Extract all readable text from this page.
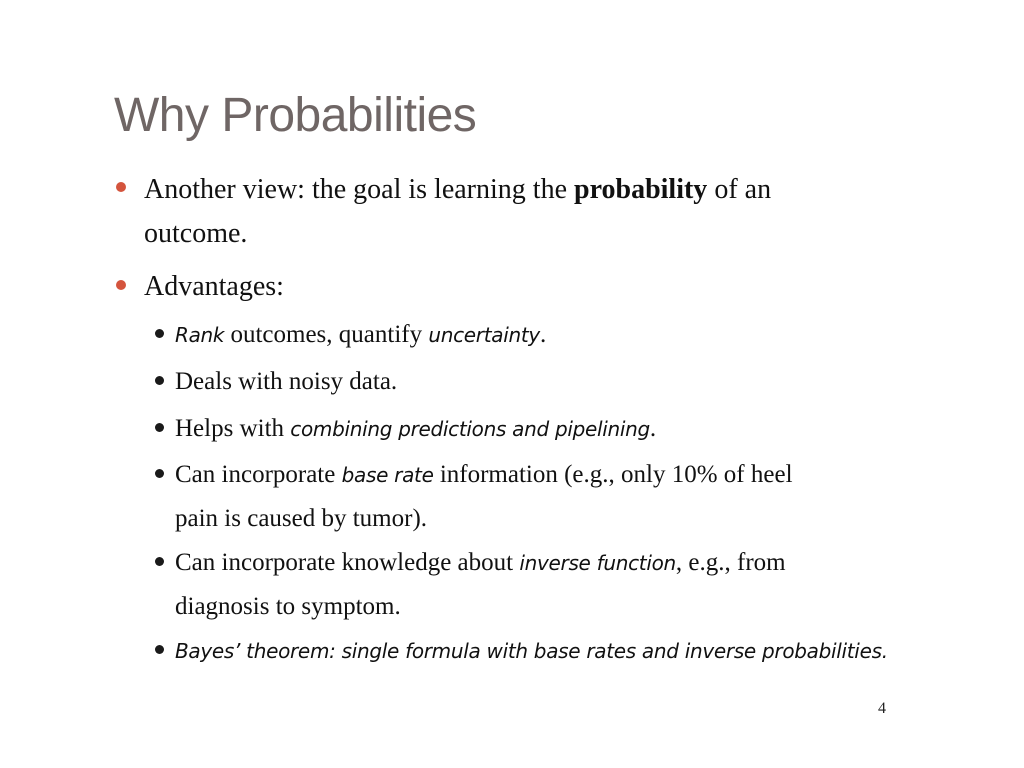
Why Probabilities
Another view: the goal is learning the probability of an
outcome.
Advantages:
Rank outcomes, quantify uncertainty.
Deals with noisy data.
Helps with combining predictions and pipelining.
Can incorporate base rate information (e.g., only 10% of heel
pain is caused by tumor).
Can incorporate knowledge about inverse function, e.g., from
diagnosis to symptom.
Bayes’ theorem: single formula with base rates and inverse probabilities.
4
